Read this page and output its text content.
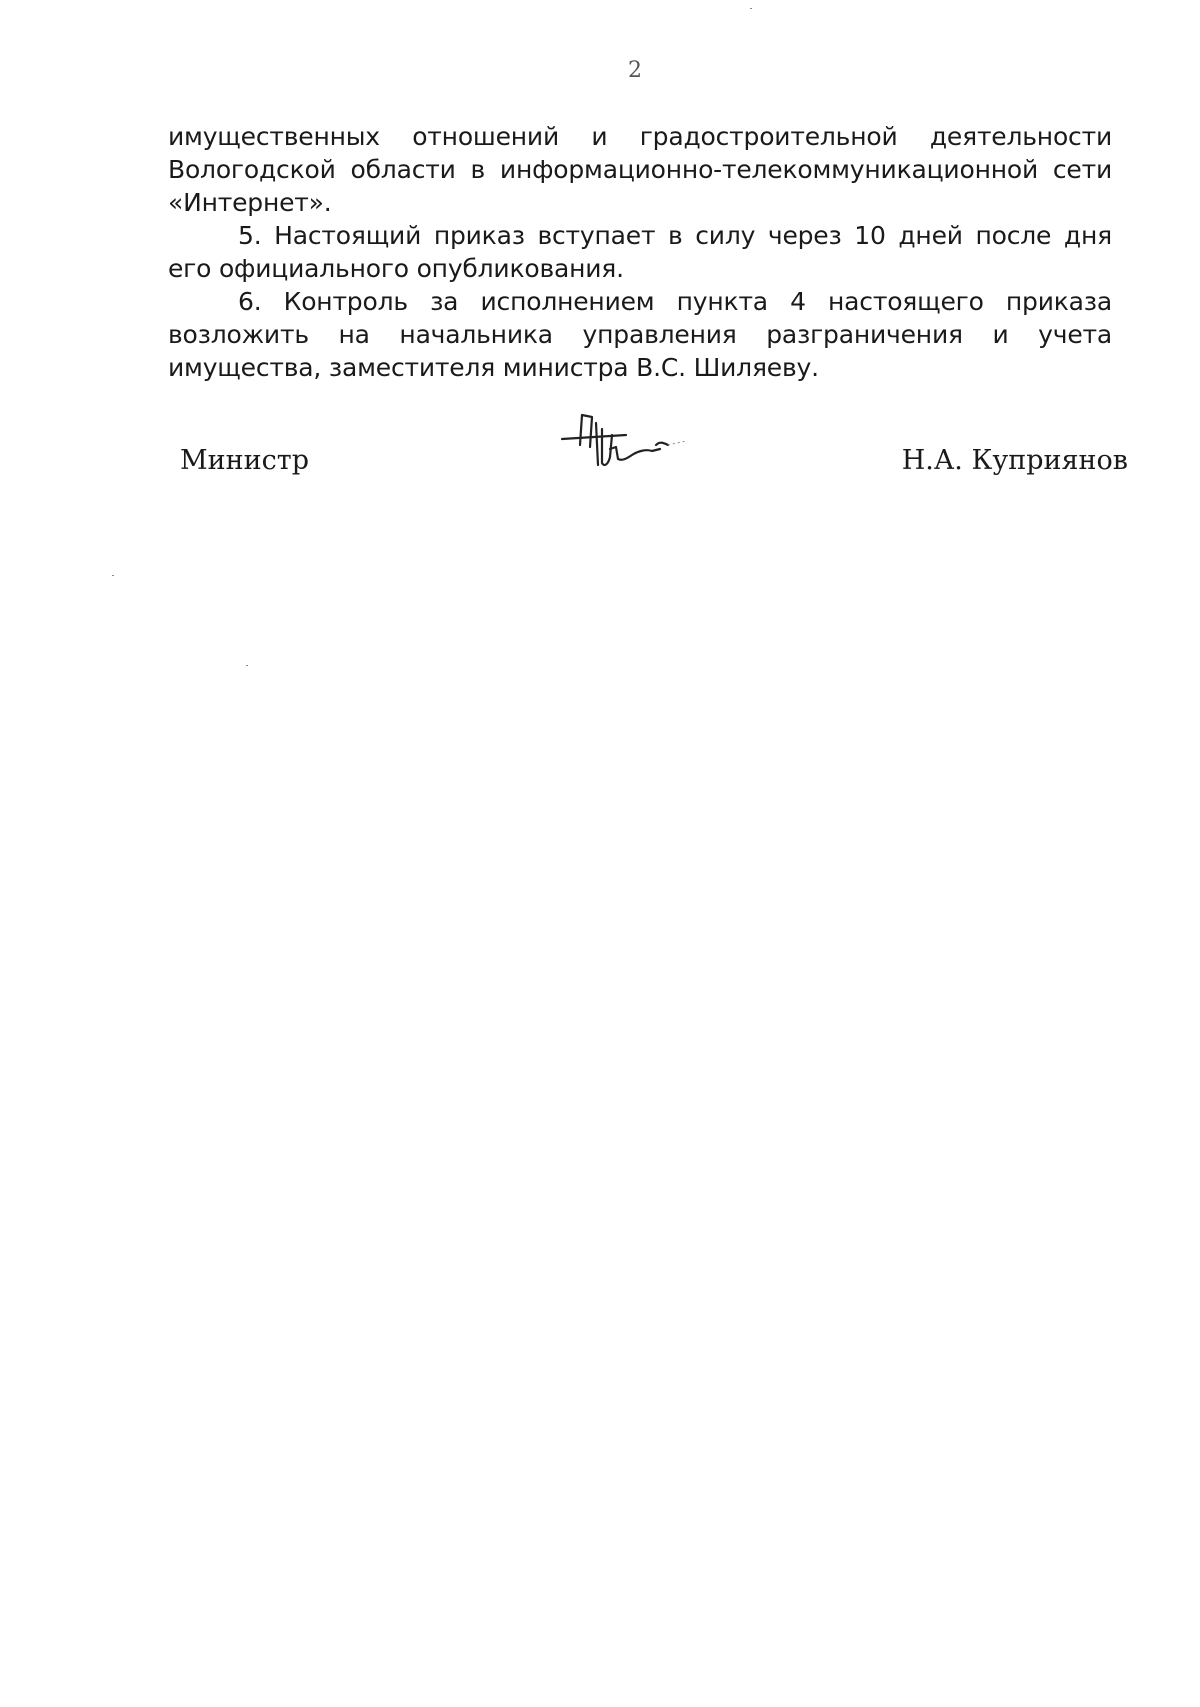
2

имущественных отношений и градостроительной деятельности Вологодской области в информационно-телекоммуникационной сети «Интернет».

5. Настоящий приказ вступает в силу через 10 дней после дня его официального опубликования.

6. Контроль за исполнением пункта 4 настоящего приказа возложить на начальника управления разграничения и учета имущества, заместителя министра В.С. Шиляеву.

Министр	Н.А. Куприянов
